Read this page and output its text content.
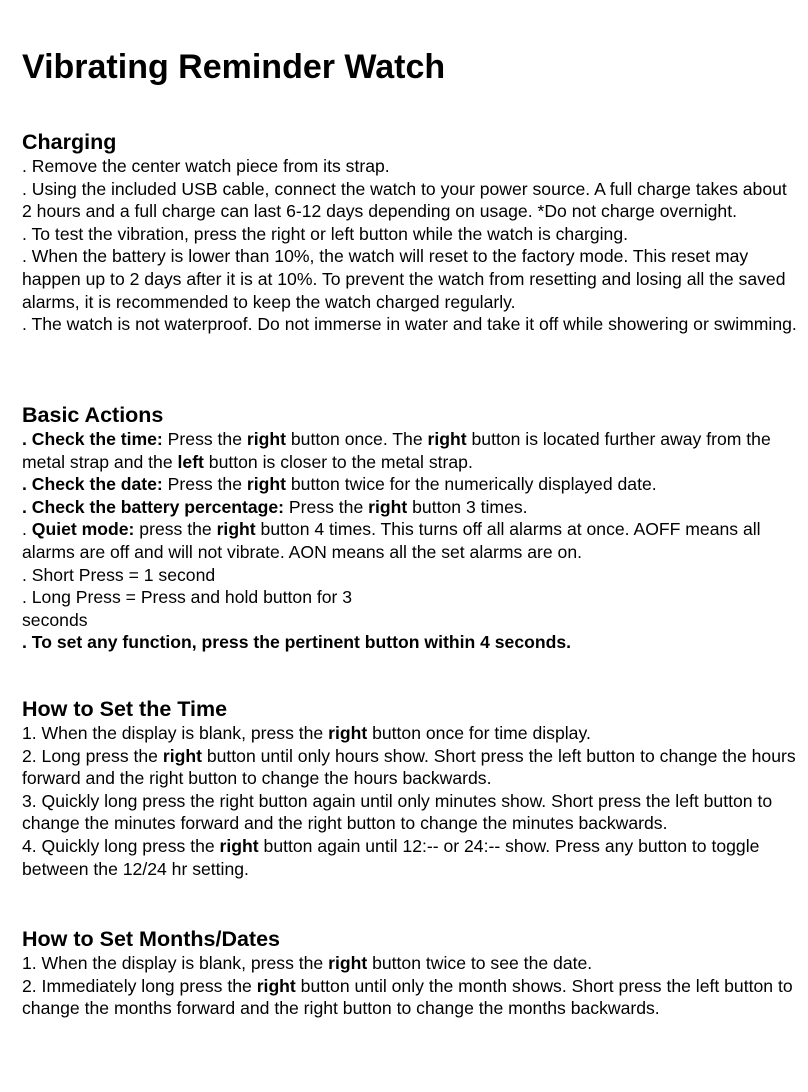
Vibrating Reminder Watch
Charging

. Remove the center watch piece from its strap.

. Using the included USB cable, connect the watch to your power source. A full charge takes about 2 hours and a full charge can last 6-12 days depending on usage. *Do not charge overnight.

. To test the vibration, press the right or left button while the watch is charging.

. When the battery is lower than 10%, the watch will reset to the factory mode. This reset may happen up to 2 days after it is at 10%. To prevent the watch from resetting and losing all the saved alarms, it is recommended to keep the watch charged regularly.

. The watch is not waterproof. Do not immerse in water and take it off while showering or swimming.

Basic Actions

. Check the time: Press the right button once. The right button is located further away from the metal strap and the left button is closer to the metal strap.

. Check the date: Press the right button twice for the numerically displayed date.

. Check the battery percentage: Press the right button 3 times.

. Quiet mode: press the right button 4 times. This turns off all alarms at once. AOFF means all alarms are off and will not vibrate. AON means all the set alarms are on.

. Short Press = 1 second

. Long Press = Press and hold button for 3

seconds

. To set any function, press the pertinent button within 4 seconds.

How to Set the Time

1. When the display is blank, press the right button once for time display.

2. Long press the right button until only hours show. Short press the left button to change the hours forward and the right button to change the hours backwards.

3. Quickly long press the right button again until only minutes show. Short press the left button to change the minutes forward and the right button to change the minutes backwards.

4. Quickly long press the right button again until 12:-- or 24:-- show. Press any button to toggle between the 12/24 hr setting.

How to Set Months/Dates

1. When the display is blank, press the right button twice to see the date.

2. Immediately long press the right button until only the month shows. Short press the left button to change the months forward and the right button to change the months backwards.
